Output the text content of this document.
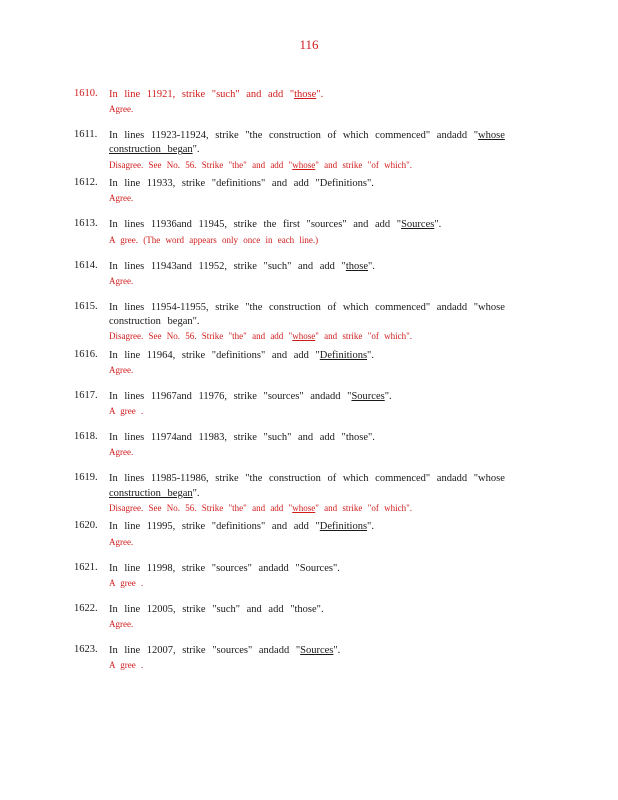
116
1610. In line 11921, strike "such" and add "those".
Agree.
1611. In lines 11923-11924, strike "the construction of which commenced" andadd "whose
construction began".
Disagree. See No. 56. Strike "the" and add "whose" and strike "of which".
1612. In line 11933, strike "definitions" and add "Definitions".
Agree.
1613. In lines 11936and 11945, strike the first "sources" and add "Sources".
A gree. (The word appears only once in each line.)
1614. In lines 11943and 11952, strike "such" and add "those".
Agree.
1615. In lines 11954-11955, strike "the construction of which commenced" andadd "whose
construction began".
Disagree. See No. 56. Strike "the" and add "whose" and strike "of which".
1616. In line 11964, strike "definitions" and add "Definitions".
Agree.
1617. In lines 11967and 11976, strike "sources" andadd "Sources".
A gree .
1618. In lines 11974and 11983, strike "such" and add "those".
Agree.
1619. In lines 11985-11986, strike "the construction of which commenced" andadd "whose
construction began".
Disagree. See No. 56. Strike "the" and add "whose" and strike "of which".
1620. In line 11995, strike "definitions" and add "Definitions".
Agree.
1621. In line 11998, strike "sources" andadd "Sources".
A gree .
1622. In line 12005, strike "such" and add "those".
Agree.
1623. In line 12007, strike "sources" andadd "Sources".
A gree .
